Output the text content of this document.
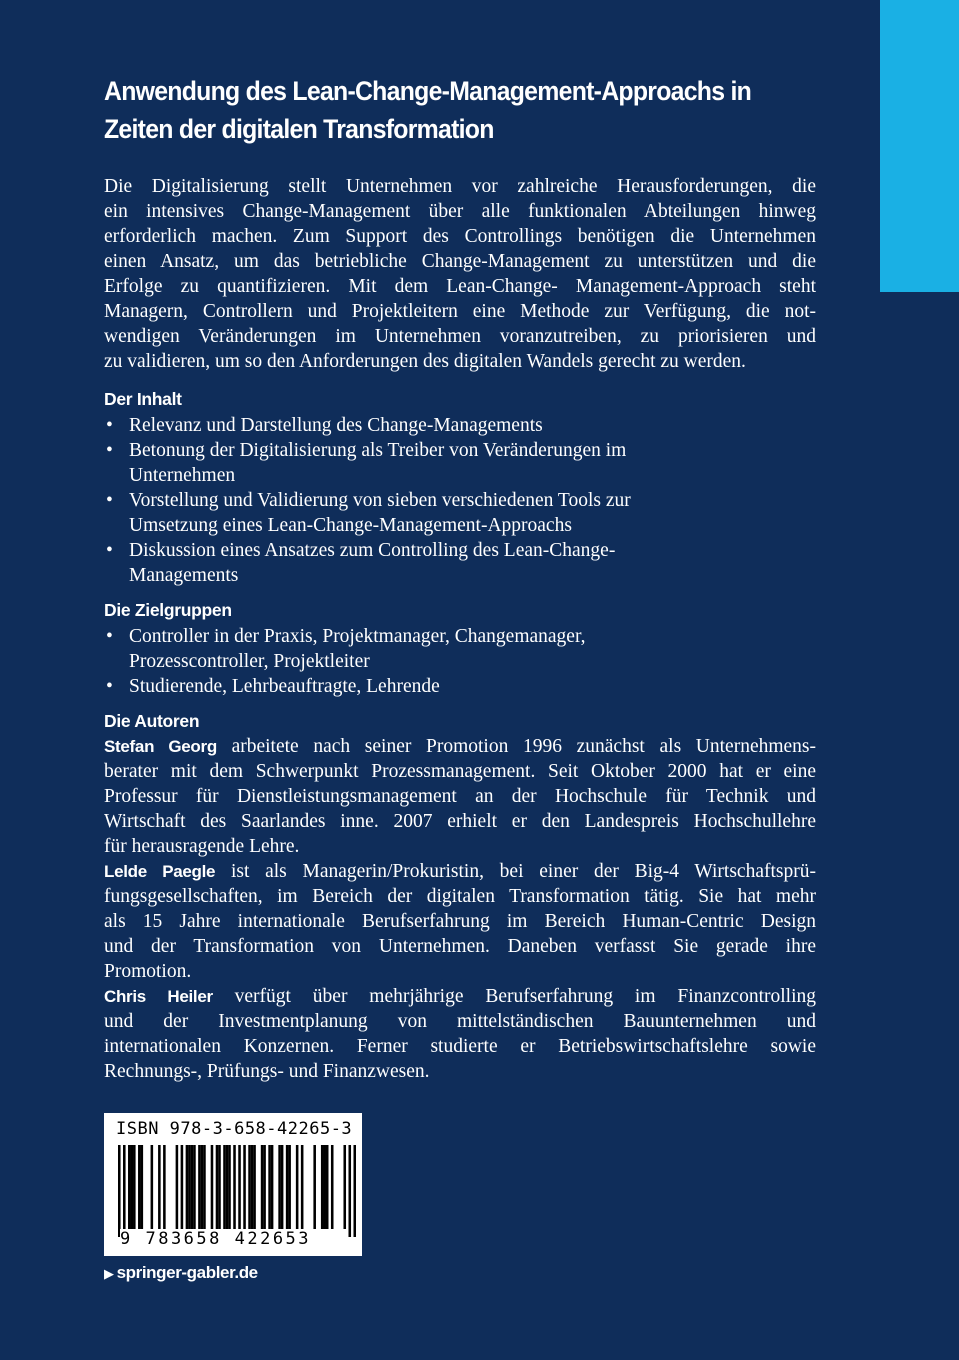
Anwendung des Lean-Change-Management-Approachs in
Zeiten der digitalen Transformation
Die Digitalisierung stellt Unternehmen vor zahlreiche Herausforderungen, die
ein intensives Change-Management über alle funktionalen Abteilungen hinweg
erforderlich machen. Zum Support des Controllings benötigen die Unternehmen
einen Ansatz, um das betriebliche Change-Management zu unterstützen und die
Erfolge zu quantifizieren. Mit dem Lean-Change- Management-Approach steht
Managern, Controllern und Projektleitern eine Methode zur Verfügung, die not-
wendigen Veränderungen im Unternehmen voranzutreiben, zu priorisieren und
zu validieren, um so den Anforderungen des digitalen Wandels gerecht zu werden.
Der Inhalt
• Relevanz und Darstellung des Change-Managements
• Betonung der Digitalisierung als Treiber von Veränderungen im
Unternehmen
• Vorstellung und Validierung von sieben verschiedenen Tools zur
Umsetzung eines Lean-Change-Management-Approachs
• Diskussion eines Ansatzes zum Controlling des Lean-Change-
Managements
Die Zielgruppen
• Controller in der Praxis, Projektmanager, Changemanager,
Prozesscontroller, Projektleiter
• Studierende, Lehrbeauftragte, Lehrende
Die Autoren
Stefan Georg arbeitete nach seiner Promotion 1996 zunächst als Unternehmens-
berater mit dem Schwerpunkt Prozessmanagement. Seit Oktober 2000 hat er eine
Professur für Dienstleistungsmanagement an der Hochschule für Technik und
Wirtschaft des Saarlandes inne. 2007 erhielt er den Landespreis Hochschullehre
für herausragende Lehre.
Lelde Paegle ist als Managerin/Prokuristin, bei einer der Big-4 Wirtschaftsprü-
fungsgesellschaften, im Bereich der digitalen Transformation tätig. Sie hat mehr
als 15 Jahre internationale Berufserfahrung im Bereich Human-Centric Design
und der Transformation von Unternehmen. Daneben verfasst Sie gerade ihre
Promotion.
Chris Heiler verfügt über mehrjährige Berufserfahrung im Finanzcontrolling
und der Investmentplanung von mittelständischen Bauunternehmen und
internationalen Konzernen. Ferner studierte er Betriebswirtschaftslehre sowie
Rechnungs-, Prüfungs- und Finanzwesen.
ISBN 978-3-658-42265-3
9 783658 422653
▶ springer-gabler.de
